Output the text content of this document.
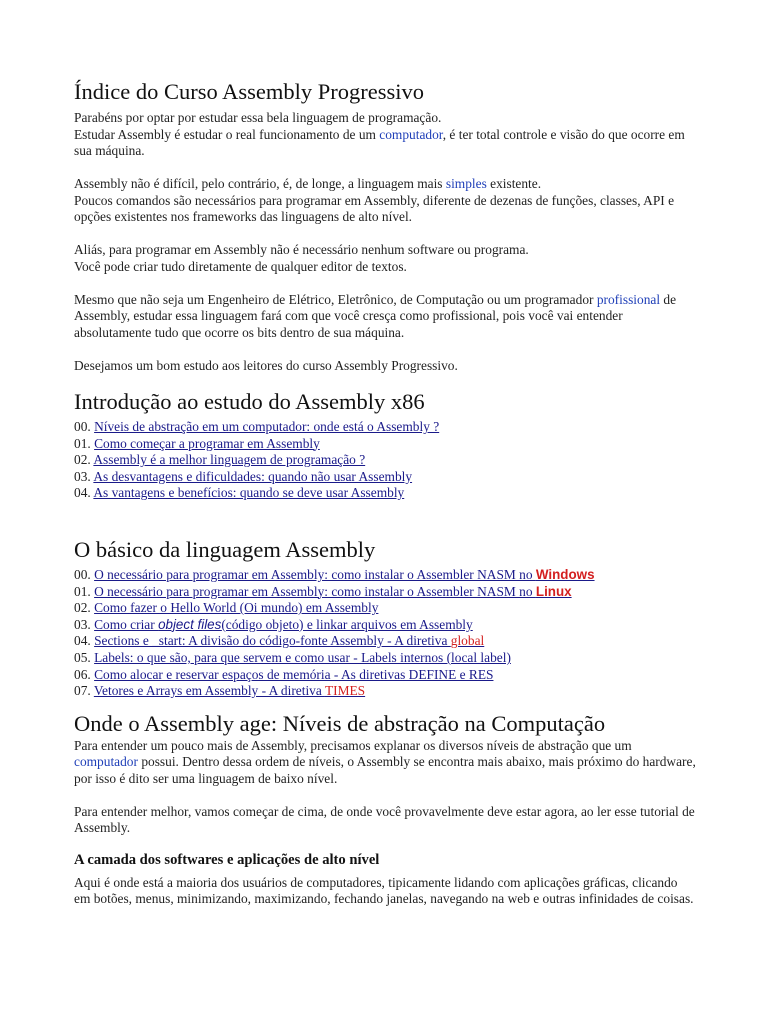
Índice do Curso Assembly Progressivo

Parabéns por optar por estudar essa bela linguagem de programação.
Estudar Assembly é estudar o real funcionamento de um computador, é ter total controle e visão do que ocorre em sua máquina.

Assembly não é difícil, pelo contrário, é, de longe, a linguagem mais simples existente.
Poucos comandos são necessários para programar em Assembly, diferente de dezenas de funções, classes, API e opções existentes nos frameworks das linguagens de alto nível.

Aliás, para programar em Assembly não é necessário nenhum software ou programa.
Você pode criar tudo diretamente de qualquer editor de textos.

Mesmo que não seja um Engenheiro de Elétrico, Eletrônico, de Computação ou um programador profissional de Assembly, estudar essa linguagem fará com que você cresça como profissional, pois você vai entender absolutamente tudo que ocorre os bits dentro de sua máquina.

Desejamos um bom estudo aos leitores do curso Assembly Progressivo.

Introdução ao estudo do Assembly x86
00. Níveis de abstração em um computador: onde está o Assembly ?
01. Como começar a programar em Assembly
02. Assembly é a melhor linguagem de programação ?
03. As desvantagens e dificuldades: quando não usar Assembly
04. As vantagens e benefícios: quando se deve usar Assembly
O básico da linguagem Assembly
00. O necessário para programar em Assembly: como instalar o Assembler NASM no Windows
01. O necessário para programar em Assembly: como instalar o Assembler NASM no Linux
02. Como fazer o Hello World (Oi mundo) em Assembly
03. Como criar object files(código objeto) e linkar arquivos em Assembly
04. Sections e _start: A divisão do código-fonte Assembly - A diretiva global
05. Labels: o que são, para que servem e como usar - Labels internos (local label)
06. Como alocar e reservar espaços de memória - As diretivas DEFINE e RES
07. Vetores e Arrays em Assembly - A diretiva TIMES
Onde o Assembly age: Níveis de abstração na Computação

Para entender um pouco mais de Assembly, precisamos explanar os diversos níveis de abstração que um computador possui. Dentro dessa ordem de níveis, o Assembly se encontra mais abaixo, mais próximo do hardware, por isso é dito ser uma linguagem de baixo nível.

Para entender melhor, vamos começar de cima, de onde você provavelmente deve estar agora, ao ler esse tutorial de Assembly.

A camada dos softwares e aplicações de alto nível

Aqui é onde está a maioria dos usuários de computadores, tipicamente lidando com aplicações gráficas, clicando em botões, menus, minimizando, maximizando, fechando janelas, navegando na web e outras infinidades de coisas.
